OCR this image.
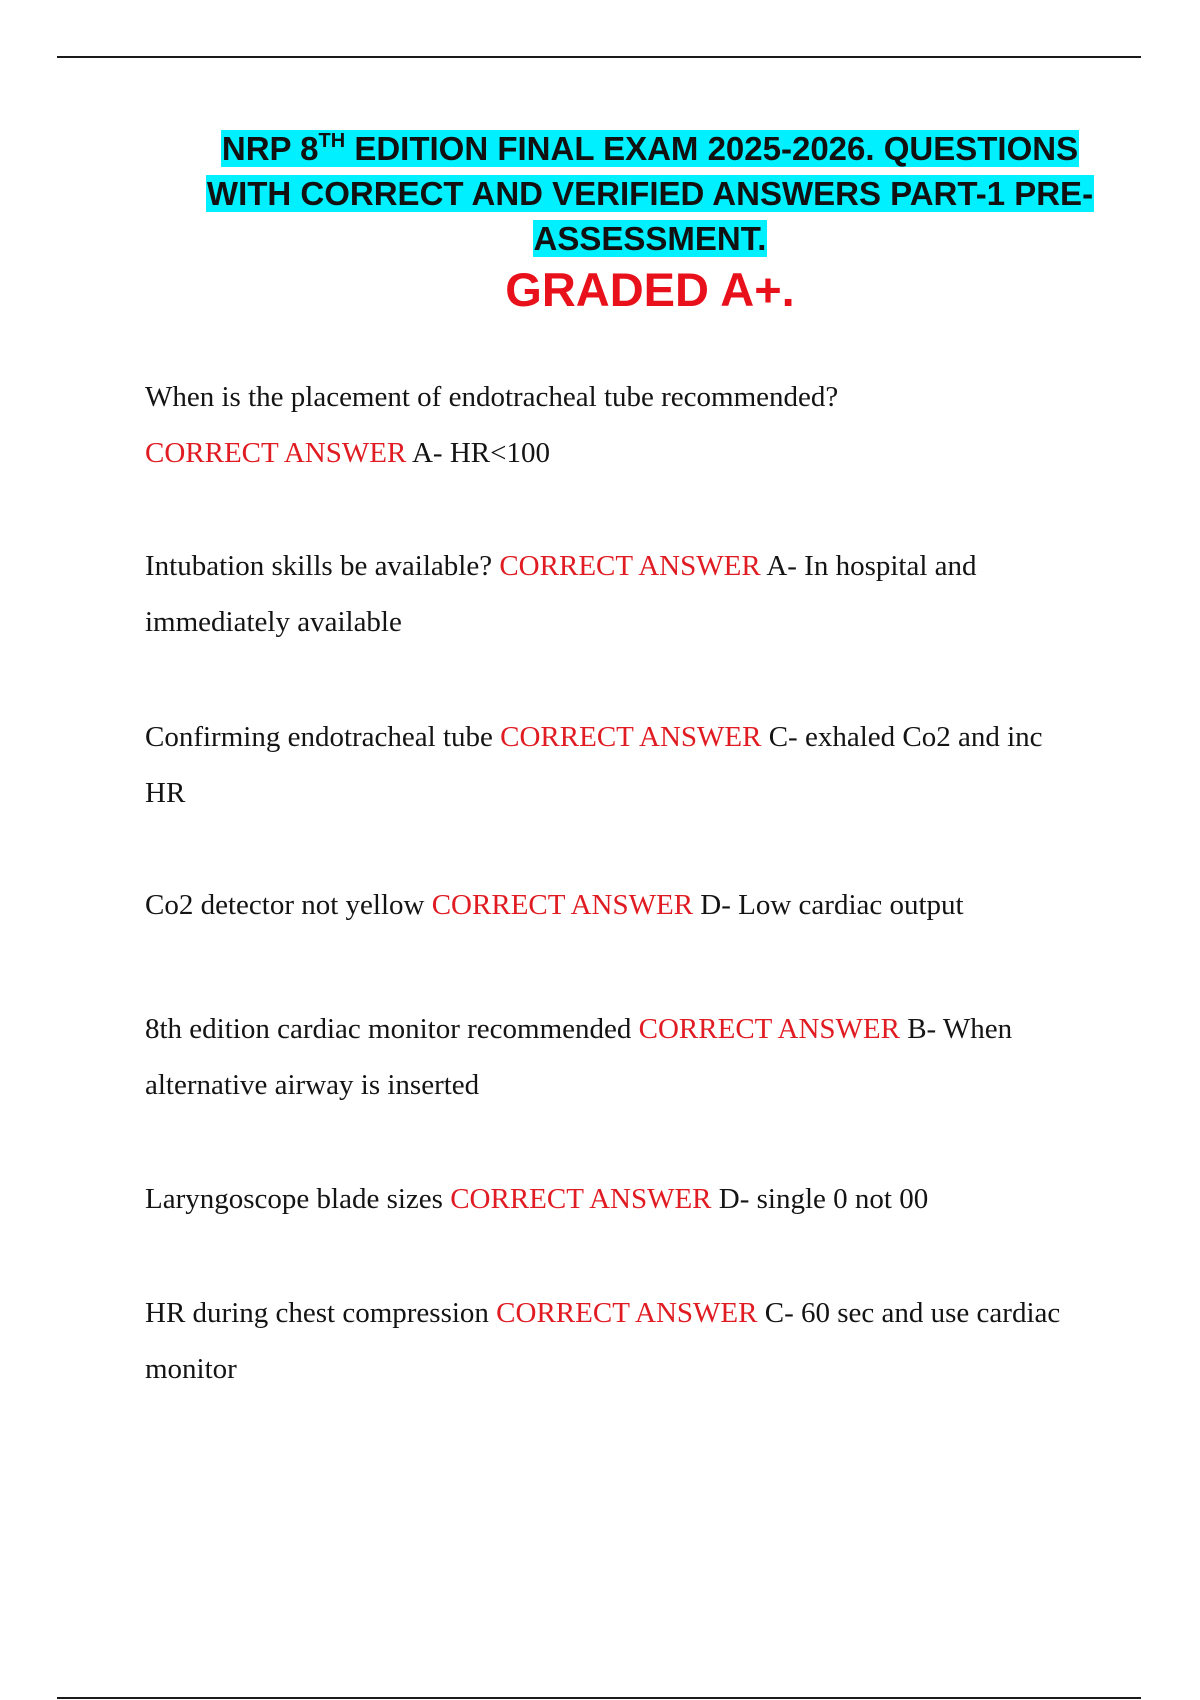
NRP 8TH EDITION FINAL EXAM 2025-2026. QUESTIONS
WITH CORRECT AND VERIFIED ANSWERS PART-1 PRE-
ASSESSMENT.
GRADED A+.
When is the placement of endotracheal tube recommended?
CORRECT ANSWER A- HR<100
Intubation skills be available? CORRECT ANSWER A- In hospital and immediately available
Confirming endotracheal tube CORRECT ANSWER C- exhaled Co2 and inc HR
Co2 detector not yellow CORRECT ANSWER D- Low cardiac output
8th edition cardiac monitor recommended CORRECT ANSWER B- When alternative airway is inserted
Laryngoscope blade sizes CORRECT ANSWER D- single 0 not 00
HR during chest compression CORRECT ANSWER C- 60 sec and use cardiac monitor
